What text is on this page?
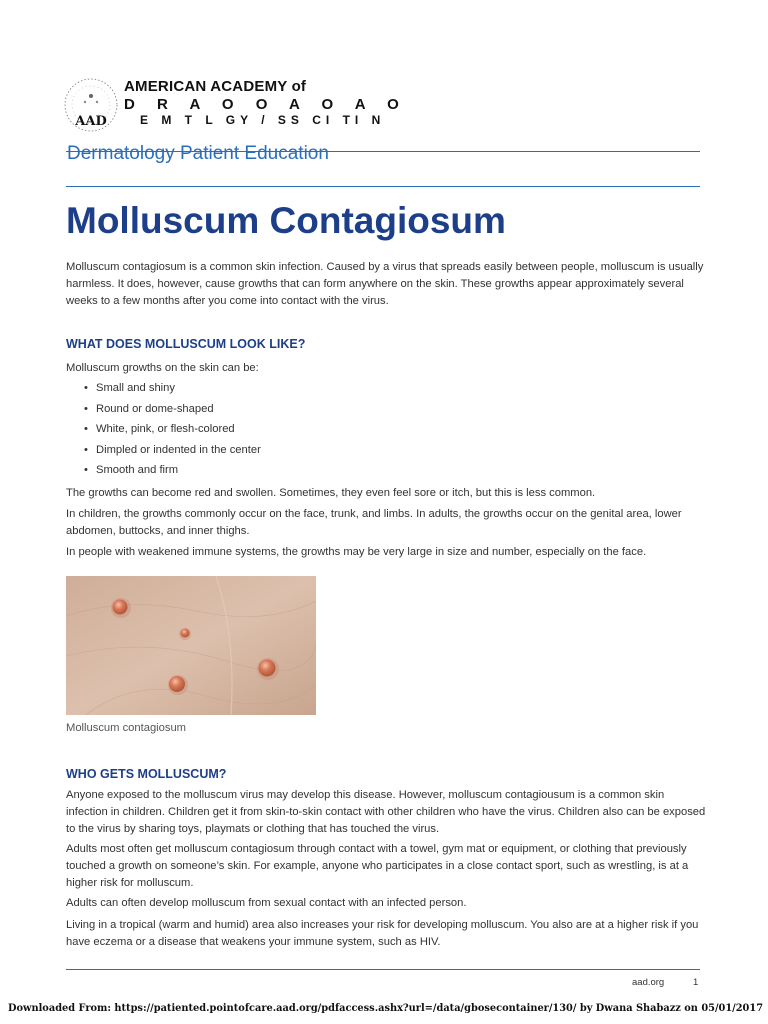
AAD
AMERICAN ACADEMY of
D R A O O A O A O
E M T L GY / SS CI TI N
Dermatology Patient Education
Molluscum Contagiosum
Molluscum contagiosum is a common skin infection. Caused by a virus that spreads easily between people, molluscum is usually harmless. It does, however, cause growths that can form anywhere on the skin. These growths appear approximately several weeks to a few months after you come into contact with the virus.
WHAT DOES MOLLUSCUM LOOK LIKE?
Molluscum growths on the skin can be:
• Small and shiny
• Round or dome-shaped
• White, pink, or flesh-colored
• Dimpled or indented in the center
• Smooth and firm
The growths can become red and swollen. Sometimes, they even feel sore or itch, but this is less common.
In children, the growths commonly occur on the face, trunk, and limbs. In adults, the growths occur on the genital area, lower abdomen, buttocks, and inner thighs.
In people with weakened immune systems, the growths may be very large in size and number, especially on the face.
Molluscum contagiosum
WHO GETS MOLLUSCUM?
Anyone exposed to the molluscum virus may develop this disease. However, molluscum contagiousum is a common skin infection in children. Children get it from skin-to-skin contact with other children who have the virus. Children also can be exposed to the virus by sharing toys, playmats or clothing that has touched the virus.
Adults most often get molluscum contagiosum through contact with a towel, gym mat or equipment, or clothing that previously touched a growth on someone’s skin. For example, anyone who participates in a close contact sport, such as wrestling, is at a higher risk for molluscum.
Adults can often develop molluscum from sexual contact with an infected person.
Living in a tropical (warm and humid) area also increases your risk for developing molluscum. You also are at a higher risk if you have eczema or a disease that weakens your immune system, such as HIV.
aad.org	1
Downloaded From: https://patiented.pointofcare.aad.org/pdfaccess.ashx?url=/data/gbosecontainer/130/ by Dwana Shabazz on 05/01/2017
